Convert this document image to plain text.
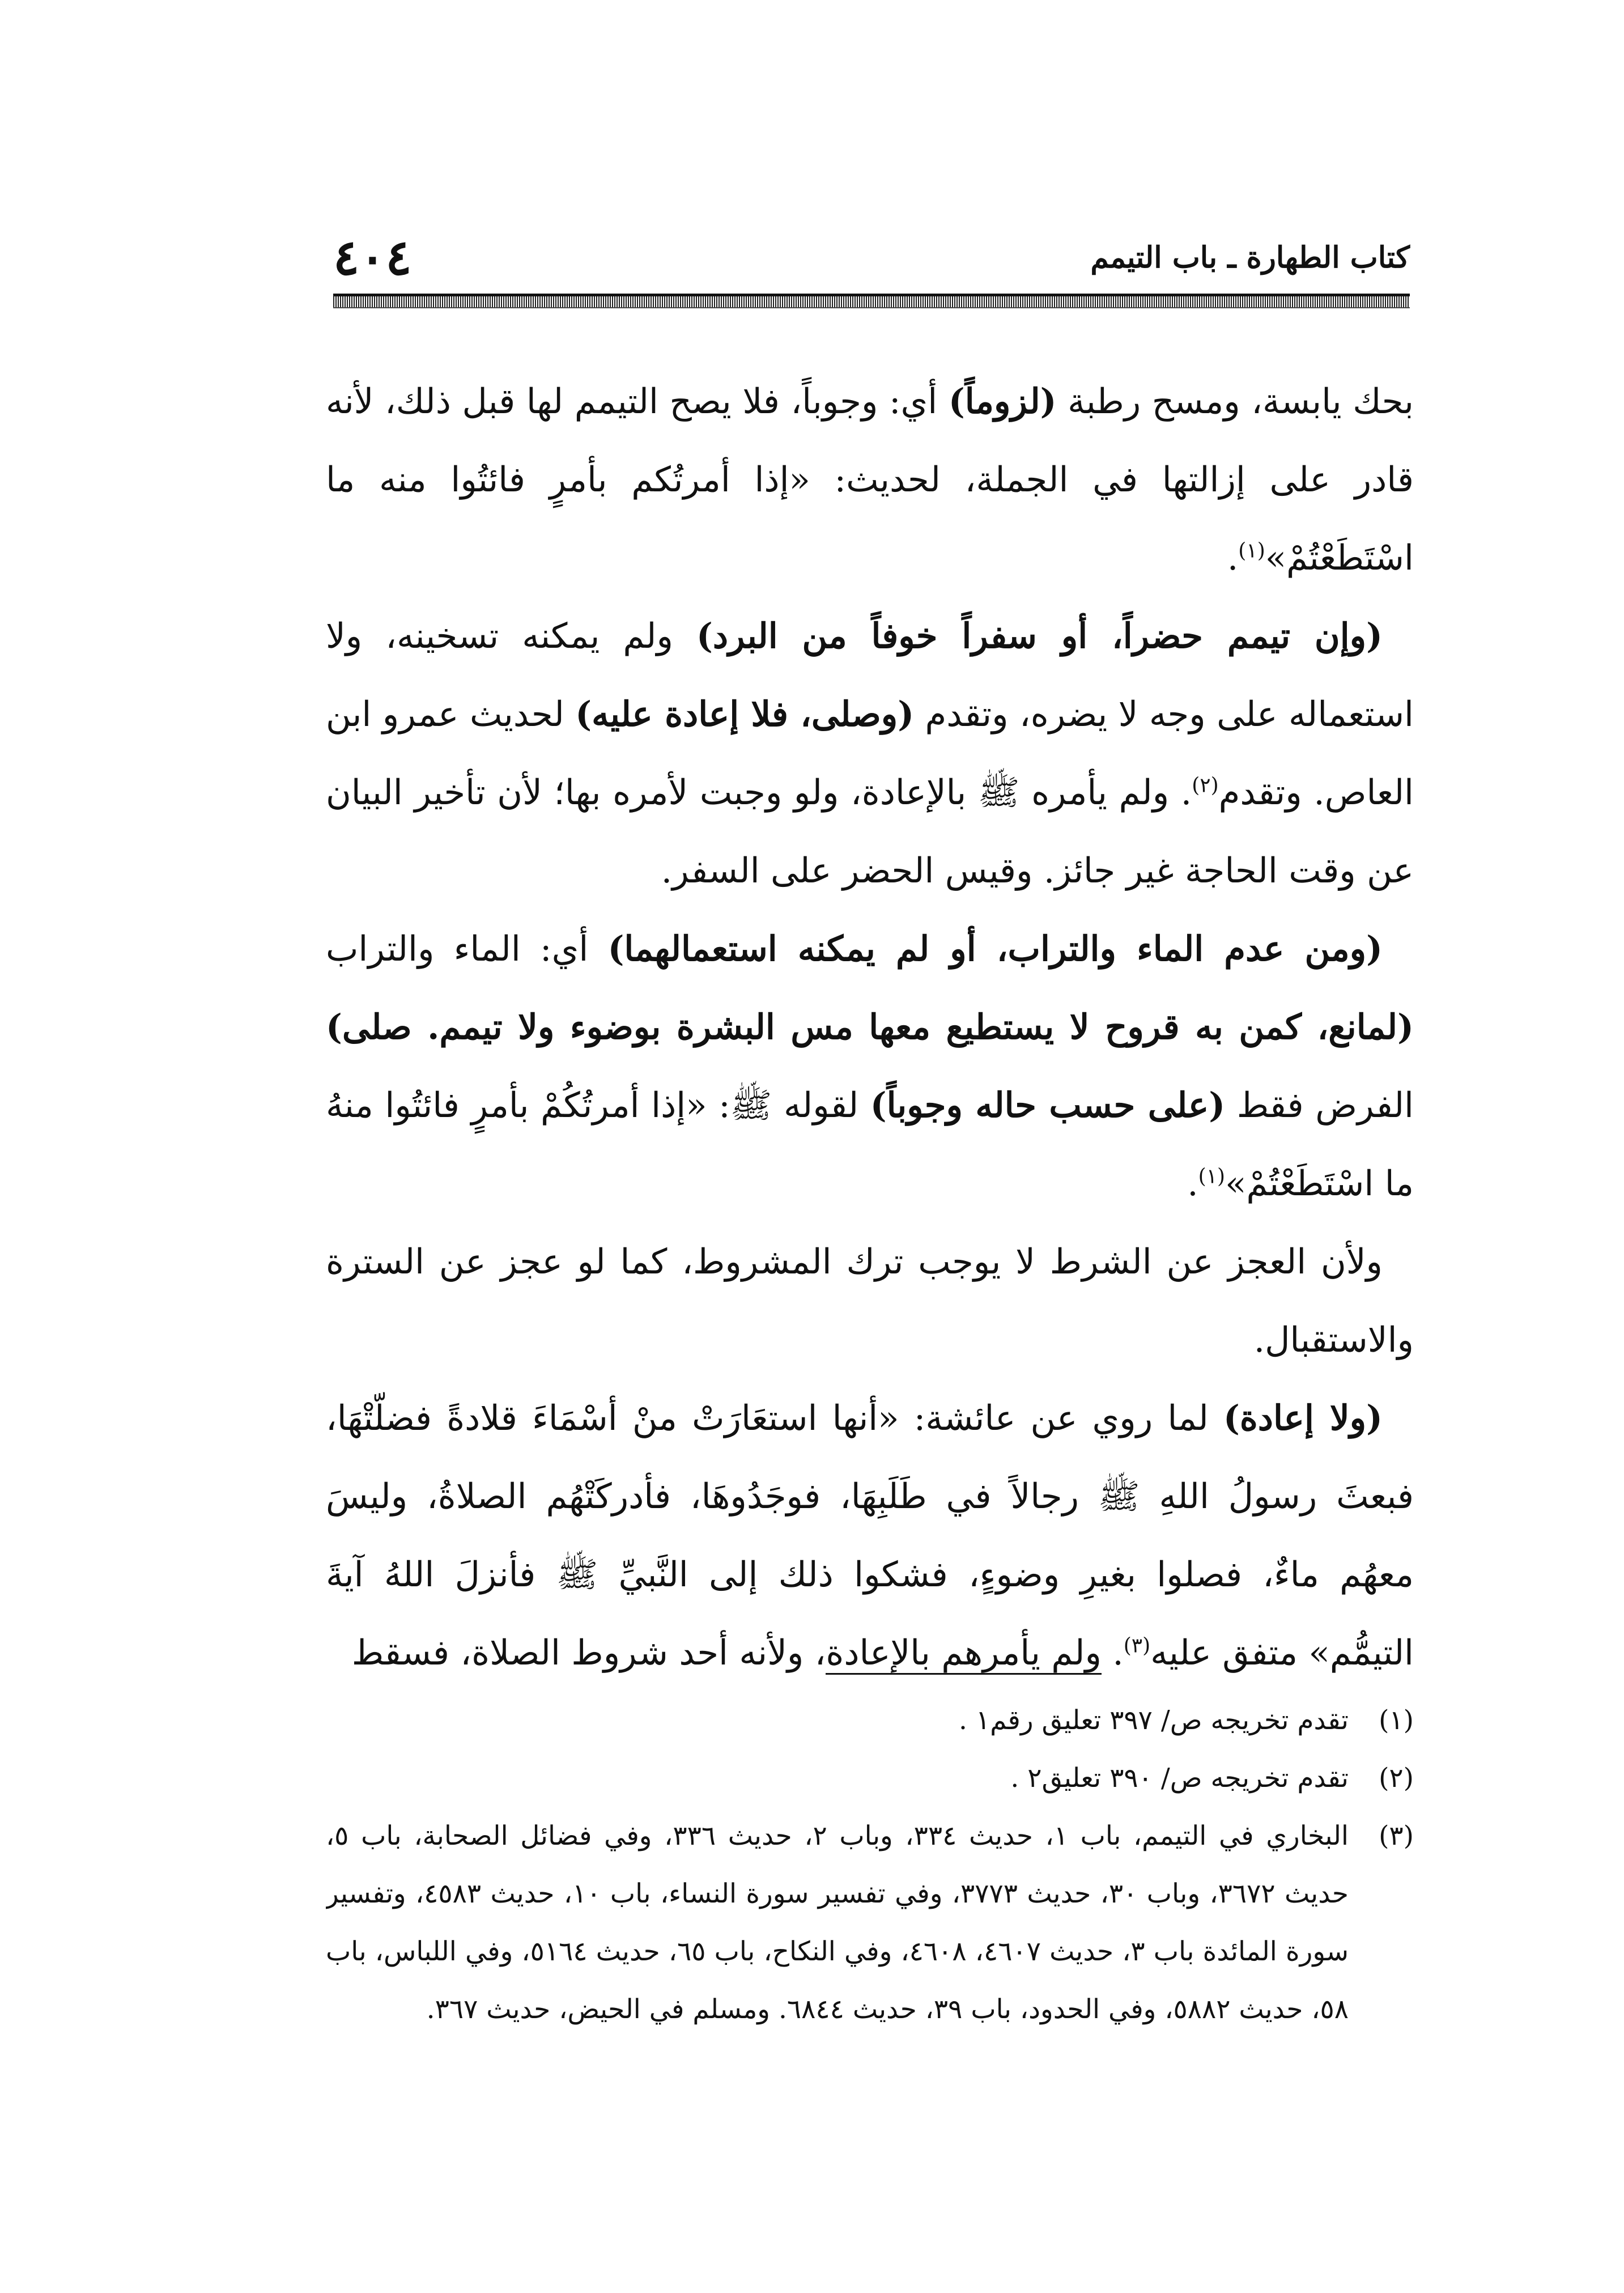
٤٠٤	كتاب الطهارة ـ باب التيمم

بحك يابسة، ومسح رطبة (لزوماً) أي: وجوباً، فلا يصح التيمم لها قبل ذلك، لأنه قادر على إزالتها في الجملة، لحديث: «إذا أمرتُكم بأمرٍ فائتُوا منه ما اسْتَطَعْتُمْ»$^{(١)}$.

(وإن تيمم حضراً، أو سفراً خوفاً من البرد) ولم يمكنه تسخينه، ولا استعماله على وجه لا يضره، وتقدم (وصلى، فلا إعادة عليه) لحديث عمرو ابن العاص. وتقدم$^{(٢)}$. ولم يأمره ﷺ بالإعادة، ولو وجبت لأمره بها؛ لأن تأخير البيان عن وقت الحاجة غير جائز. وقيس الحضر على السفر.

(ومن عدم الماء والتراب، أو لم يمكنه استعمالهما) أي: الماء والتراب (لمانع، كمن به قروح لا يستطيع معها مس البشرة بوضوء ولا تيمم. صلى) الفرض فقط (على حسب حاله وجوباً) لقوله ﷺ: «إذا أمرتُكُمْ بأمرٍ فائتُوا منهُ ما اسْتَطَعْتُمْ»$^{(١)}$.

ولأن العجز عن الشرط لا يوجب ترك المشروط، كما لو عجز عن السترة والاستقبال.

(ولا إعادة) لما روي عن عائشة: «أنها استعَارَتْ منْ أسْمَاءَ قلادةً فضلّتْهَا، فبعثَ رسولُ اللهِ ﷺ رجالاً في طَلَبِهَا، فوجَدُوهَا، فأدركَتْهُم الصلاةُ، وليسَ معهُم ماءٌ، فصلوا بغيرِ وضوءٍ، فشكوا ذلك إلى النَّبيِّ ﷺ فأنزلَ اللهُ آيةَ التيمُّم» متفق عليه$^{(٣)}$. ولم يأمرهم بالإعادة، ولأنه أحد شروط الصلاة، فسقط

(١)
تقدم تخريجه ص/ ٣٩٧ تعليق رقم١ .
(٢)
تقدم تخريجه ص/ ٣٩٠ تعليق٢ .
(٣)
البخاري في التيمم، باب ١، حديث ٣٣٤، وباب ٢، حديث ٣٣٦، وفي فضائل الصحابة، باب ٥، حديث ٣٦٧٢، وباب ٣٠، حديث ٣٧٧٣، وفي تفسير سورة النساء، باب ١٠، حديث ٤٥٨٣، وتفسير سورة المائدة باب ٣، حديث ٤٦٠٧، ٤٦٠٨، وفي النكاح، باب ٦٥، حديث ٥١٦٤، وفي اللباس، باب ٥٨، حديث ٥٨٨٢، وفي الحدود، باب ٣٩، حديث ٦٨٤٤. ومسلم في الحيض، حديث ٣٦٧.
